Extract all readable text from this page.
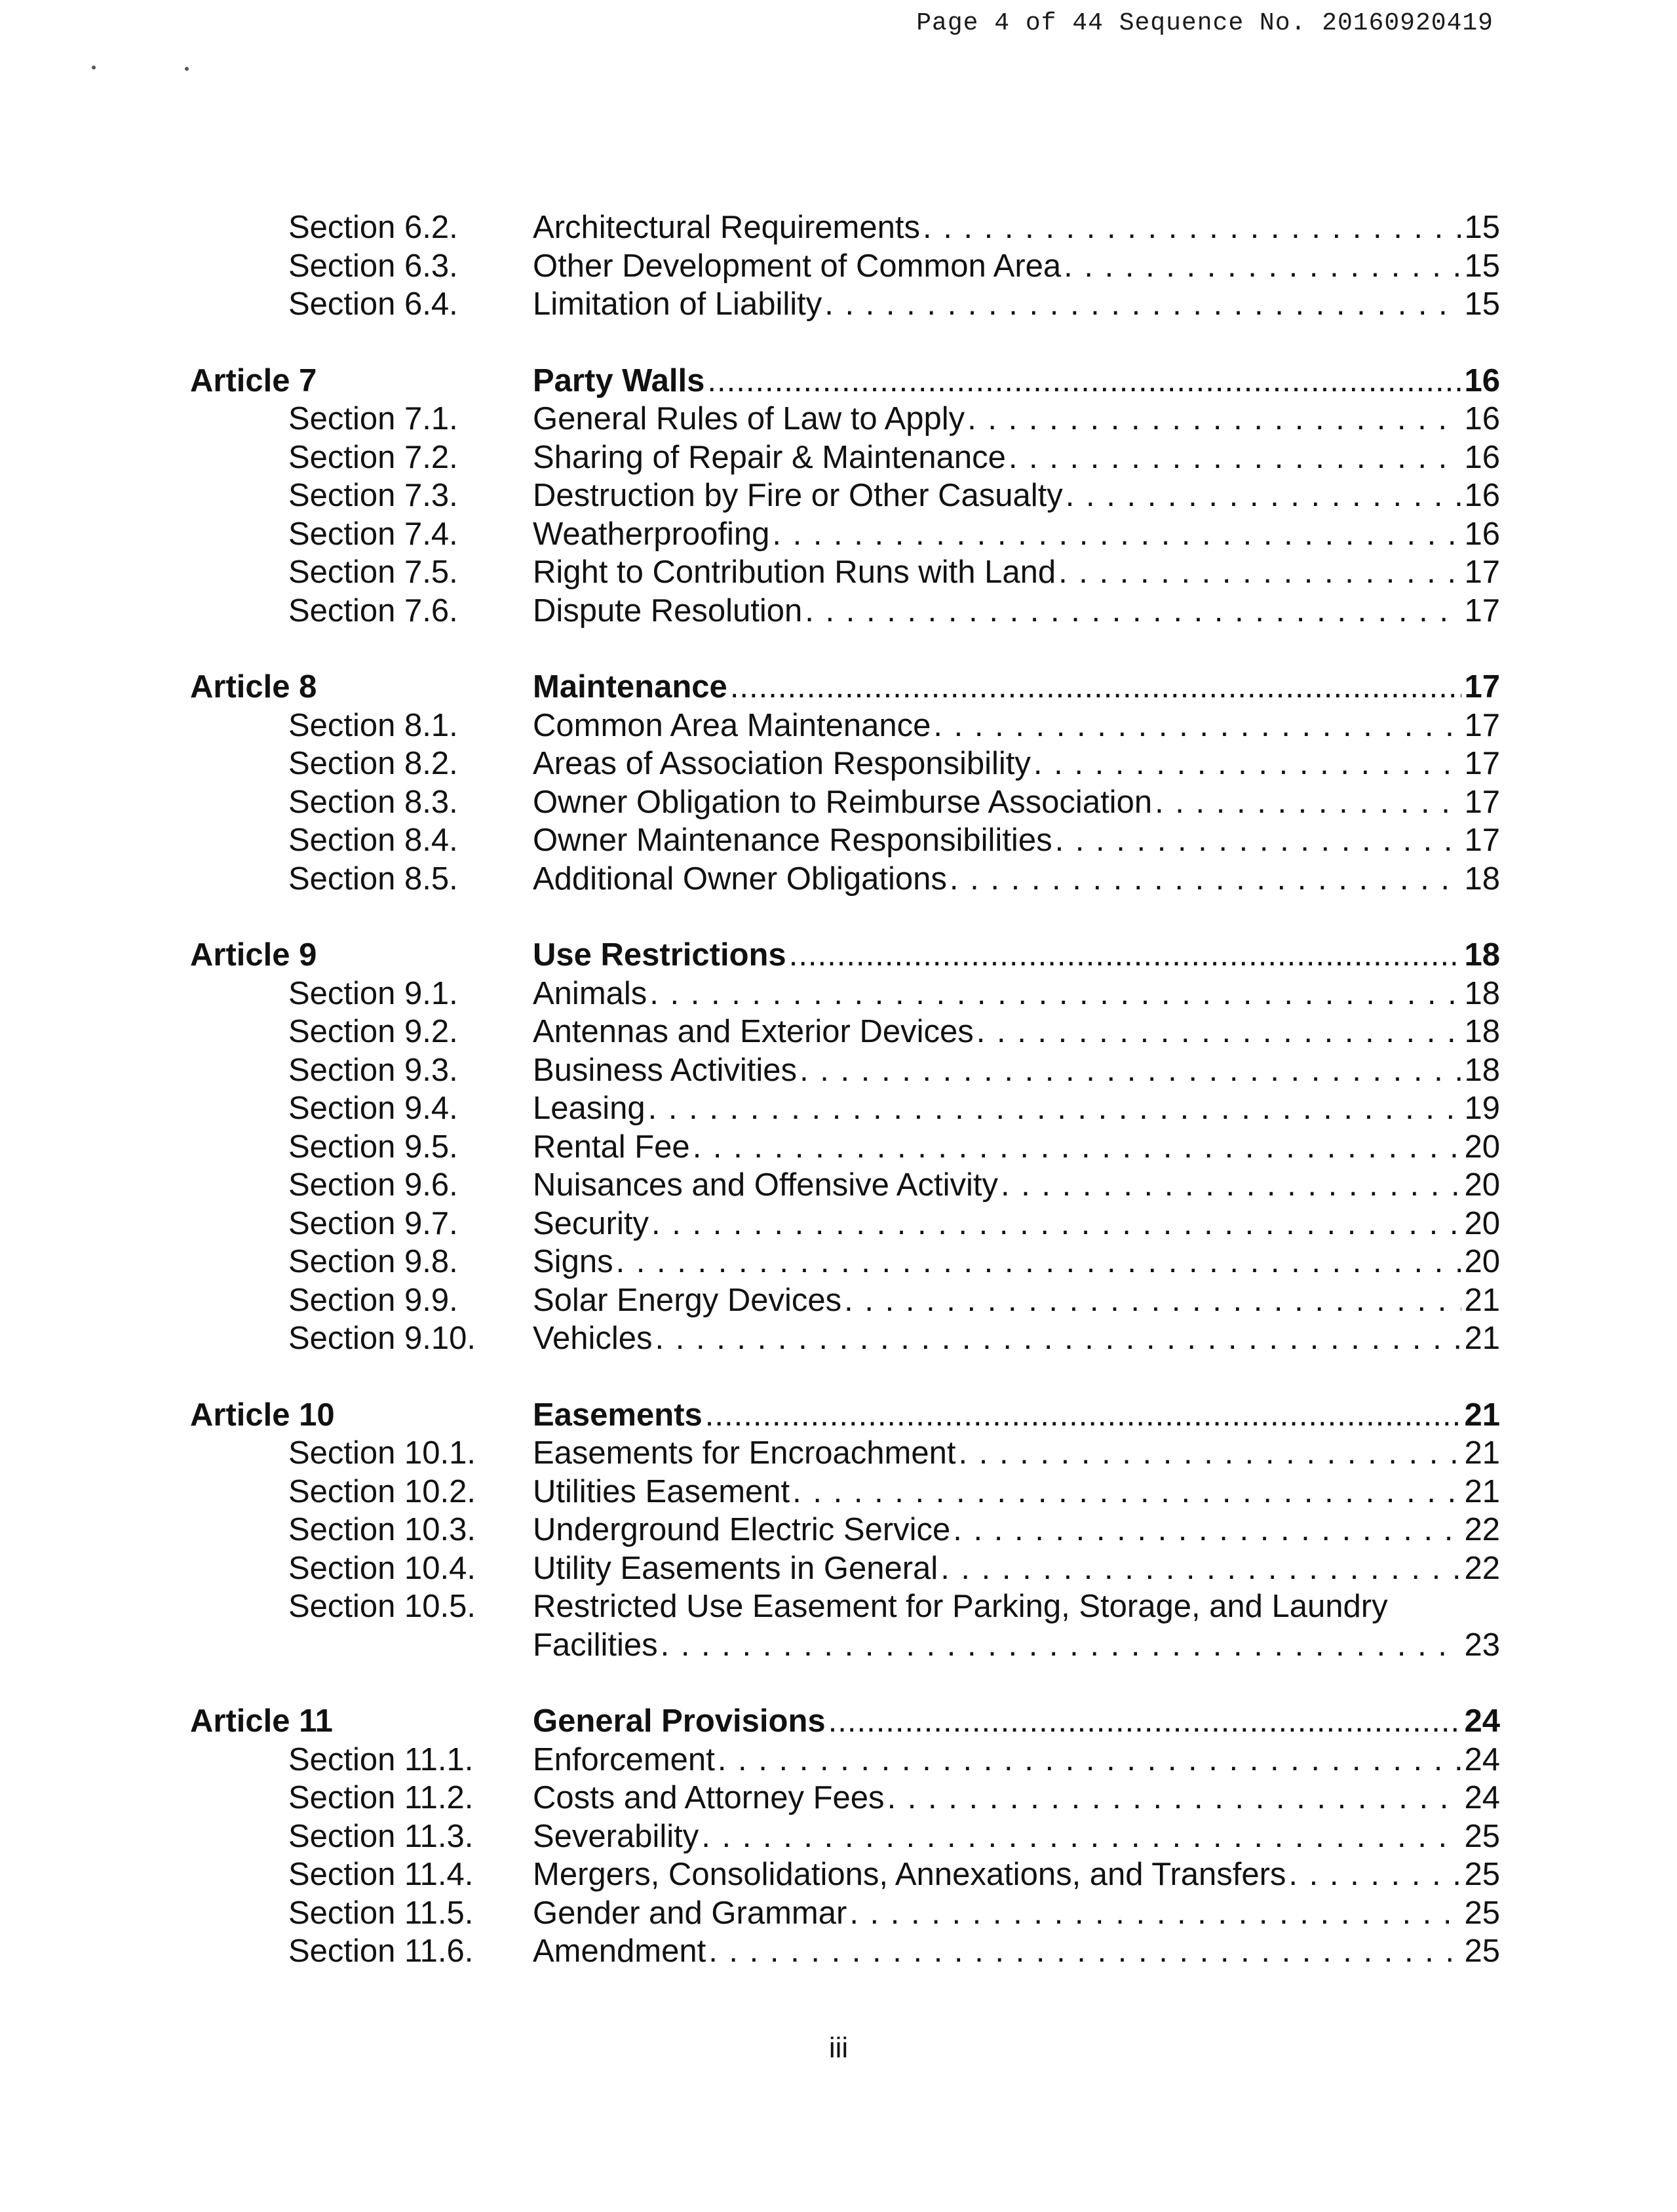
Page 4 of 44 Sequence No. 20160920419
Section 6.2. Architectural Requirements . . .	15
Section 6.3. Other Development of Common Area . . .	15
Section 6.4. Limitation of Liability . . .	15
Article 7	Party Walls .....	16
Section 7.1. General Rules of Law to Apply . . .	16
Section 7.2. Sharing of Repair & Maintenance . . .	16
Section 7.3. Destruction by Fire or Other Casualty . . .	16
Section 7.4. Weatherproofing . . .	16
Section 7.5. Right to Contribution Runs with Land . . .	17
Section 7.6. Dispute Resolution . . .	17
Article 8	Maintenance .....	17
Section 8.1. Common Area Maintenance . . .	17
Section 8.2. Areas of Association Responsibility . . .	17
Section 8.3. Owner Obligation to Reimburse Association . . .	17
Section 8.4. Owner Maintenance Responsibilities . . .	17
Section 8.5. Additional Owner Obligations . . .	18
Article 9	Use Restrictions .....	18
Section 9.1. Animals . . .	18
Section 9.2. Antennas and Exterior Devices . . .	18
Section 9.3. Business Activities . . .	18
Section 9.4. Leasing . . .	19
Section 9.5. Rental Fee . . .	20
Section 9.6. Nuisances and Offensive Activity . . .	20
Section 9.7. Security . . .	20
Section 9.8. Signs . . .	20
Section 9.9. Solar Energy Devices . . .	21
Section 9.10. Vehicles . . .	21
Article 10	Easements .....	21
Section 10.1. Easements for Encroachment . . .	21
Section 10.2. Utilities Easement . . .	21
Section 10.3. Underground Electric Service . . .	22
Section 10.4. Utility Easements in General . . .	22
Section 10.5. Restricted Use Easement for Parking, Storage, and Laundry
Facilities . . .	23
Article 11	General Provisions .....	24
Section 11.1. Enforcement . . .	24
Section 11.2. Costs and Attorney Fees . . .	24
Section 11.3. Severability . . .	25
Section 11.4. Mergers, Consolidations, Annexations, and Transfers . . .	25
Section 11.5. Gender and Grammar . . .	25
Section 11.6. Amendment . . .	25
iii
